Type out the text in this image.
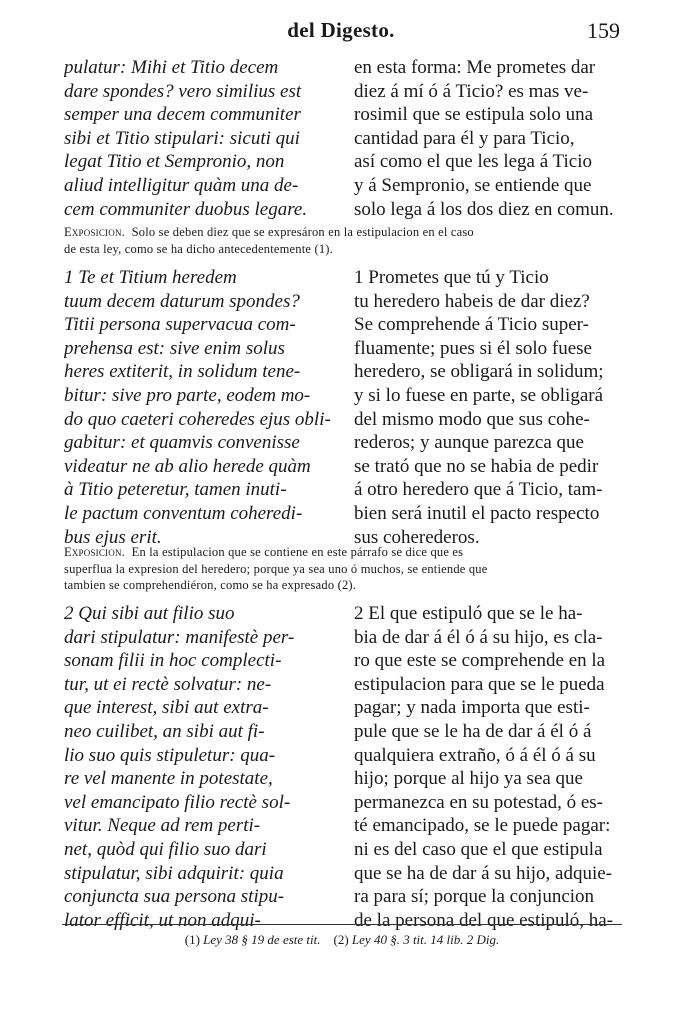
del Digesto.	159
pulatur: Mihi et Titio decem
dare spondes? vero similius est
semper una decem communiter
sibi et Titio stipulari: sicuti qui
legat Titio et Sempronio, non
aliud intelligitur quàm una de-
cem communiter duobus legare.
en esta forma: Me prometes dar
diez á mí ó á Ticio? es mas ve-
rosimil que se estipula solo una
cantidad para él y para Ticio,
así como el que les lega á Ticio
y á Sempronio, se entiende que
solo lega á los dos diez en comun.
Exposicion. Solo se deben diez que se expresáron en la estipulacion en el caso
de esta ley, como se ha dicho antecedentemente (1).
1 Te et Titium heredem
tuum decem daturum spondes?
Titii persona supervacua com-
prehensa est: sive enim solus
heres extiterit, in solidum tene-
bitur: sive pro parte, eodem mo-
do quo caeteri coheredes ejus obli-
gabitur: et quamvis convenisse
videatur ne ab alio herede quàm
à Titio peteretur, tamen inuti-
le pactum conventum coheredi-
bus ejus erit.
1 Prometes que tú y Ticio
tu heredero habeis de dar diez?
Se comprehende á Ticio super-
fluamente; pues si él solo fuese
heredero, se obligará in solidum;
y si lo fuese en parte, se obligará
del mismo modo que sus cohe-
rederos; y aunque parezca que
se trató que no se habia de pedir
á otro heredero que á Ticio, tam-
bien será inutil el pacto respecto
sus coherederos.
Exposicion. En la estipulacion que se contiene en este párrafo se dice que es
superflua la expresion del heredero; porque ya sea uno ó muchos, se entiende que
tambien se comprehendiéron, como se ha expresado (2).
2 Qui sibi aut filio suo
dari stipulatur: manifestè per-
sonam filii in hoc complecti-
tur, ut ei rectè solvatur: ne-
que interest, sibi aut extra-
neo cuilibet, an sibi aut fi-
lio suo quis stipuletur: qua-
re vel manente in potestate,
vel emancipato filio rectè sol-
vitur. Neque ad rem perti-
net, quòd qui filio suo dari
stipulatur, sibi adquirit: quia
conjuncta sua persona stipu-
lator efficit, ut non adqui-
2 El que estipuló que se le ha-
bia de dar á él ó á su hijo, es cla-
ro que este se comprehende en la
estipulacion para que se le pueda
pagar; y nada importa que esti-
pule que se le ha de dar á él ó á
qualquiera extraño, ó á él ó á su
hijo; porque al hijo ya sea que
permanezca en su potestad, ó es-
té emancipado, se le puede pagar:
ni es del caso que el que estipula
que se ha de dar á su hijo, adquie-
ra para sí; porque la conjuncion
de la persona del que estipuló, ha-
(1) Ley 38 § 19 de este tit. (2) Ley 40 §. 3 tit. 14 lib. 2 Dig.
